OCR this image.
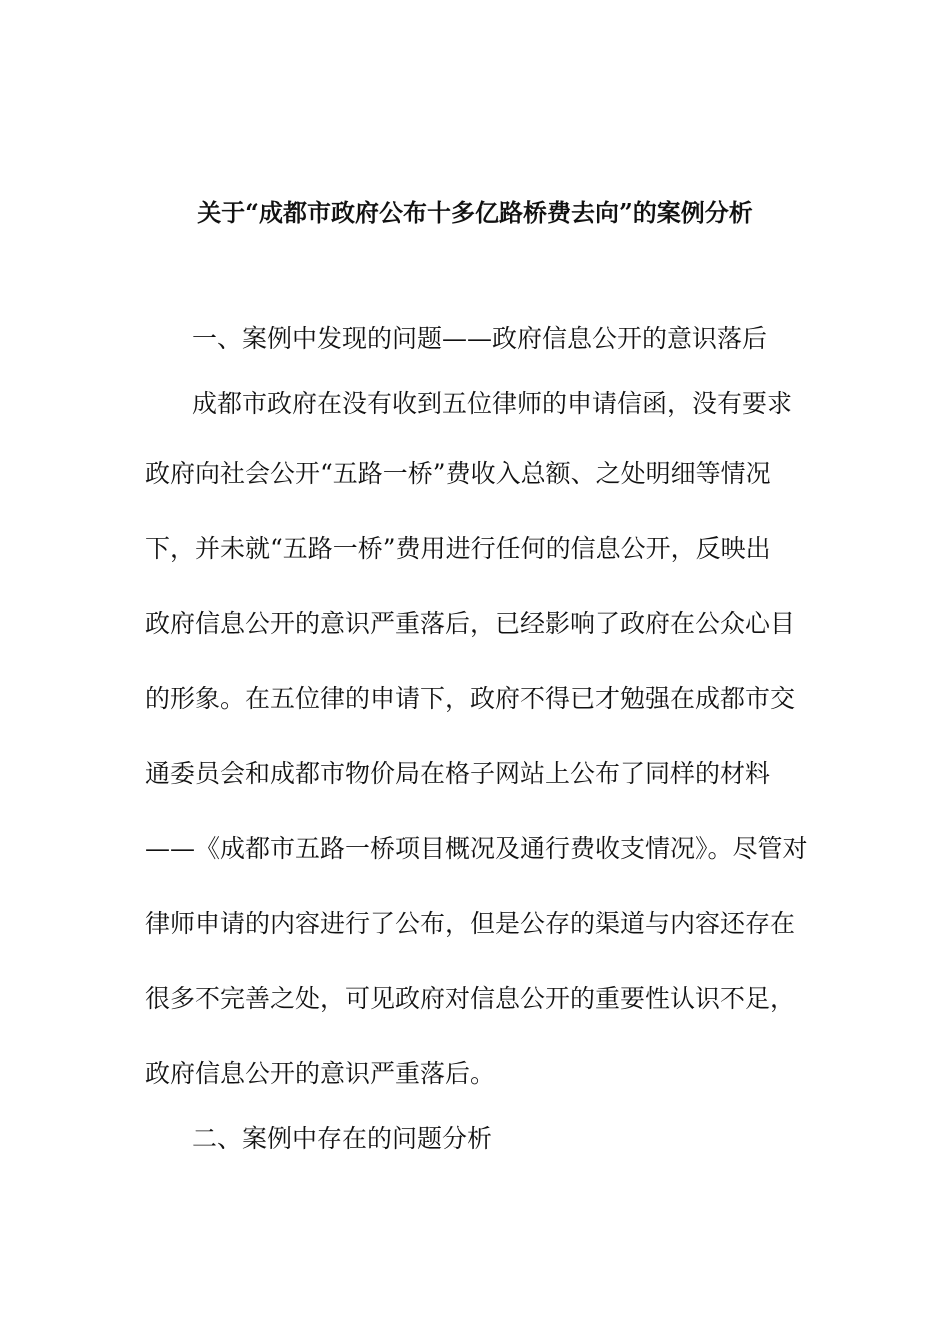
关于“成都市政府公布十多亿路桥费去向”的案例分析
一、案例中发现的问题——政府信息公开的意识落后
成都市政府在没有收到五位律师的申请信函，没有要求
政府向社会公开“五路一桥”费收入总额、之处明细等情况
下，并未就“五路一桥”费用进行任何的信息公开，反映出
政府信息公开的意识严重落后，已经影响了政府在公众心目
的形象。在五位律的申请下，政府不得已才勉强在成都市交
通委员会和成都市物价局在格子网站上公布了同样的材料
——《成都市五路一桥项目概况及通行费收支情况》。尽管对
律师申请的内容进行了公布，但是公存的渠道与内容还存在
很多不完善之处，可见政府对信息公开的重要性认识不足，
政府信息公开的意识严重落后。
二、案例中存在的问题分析
